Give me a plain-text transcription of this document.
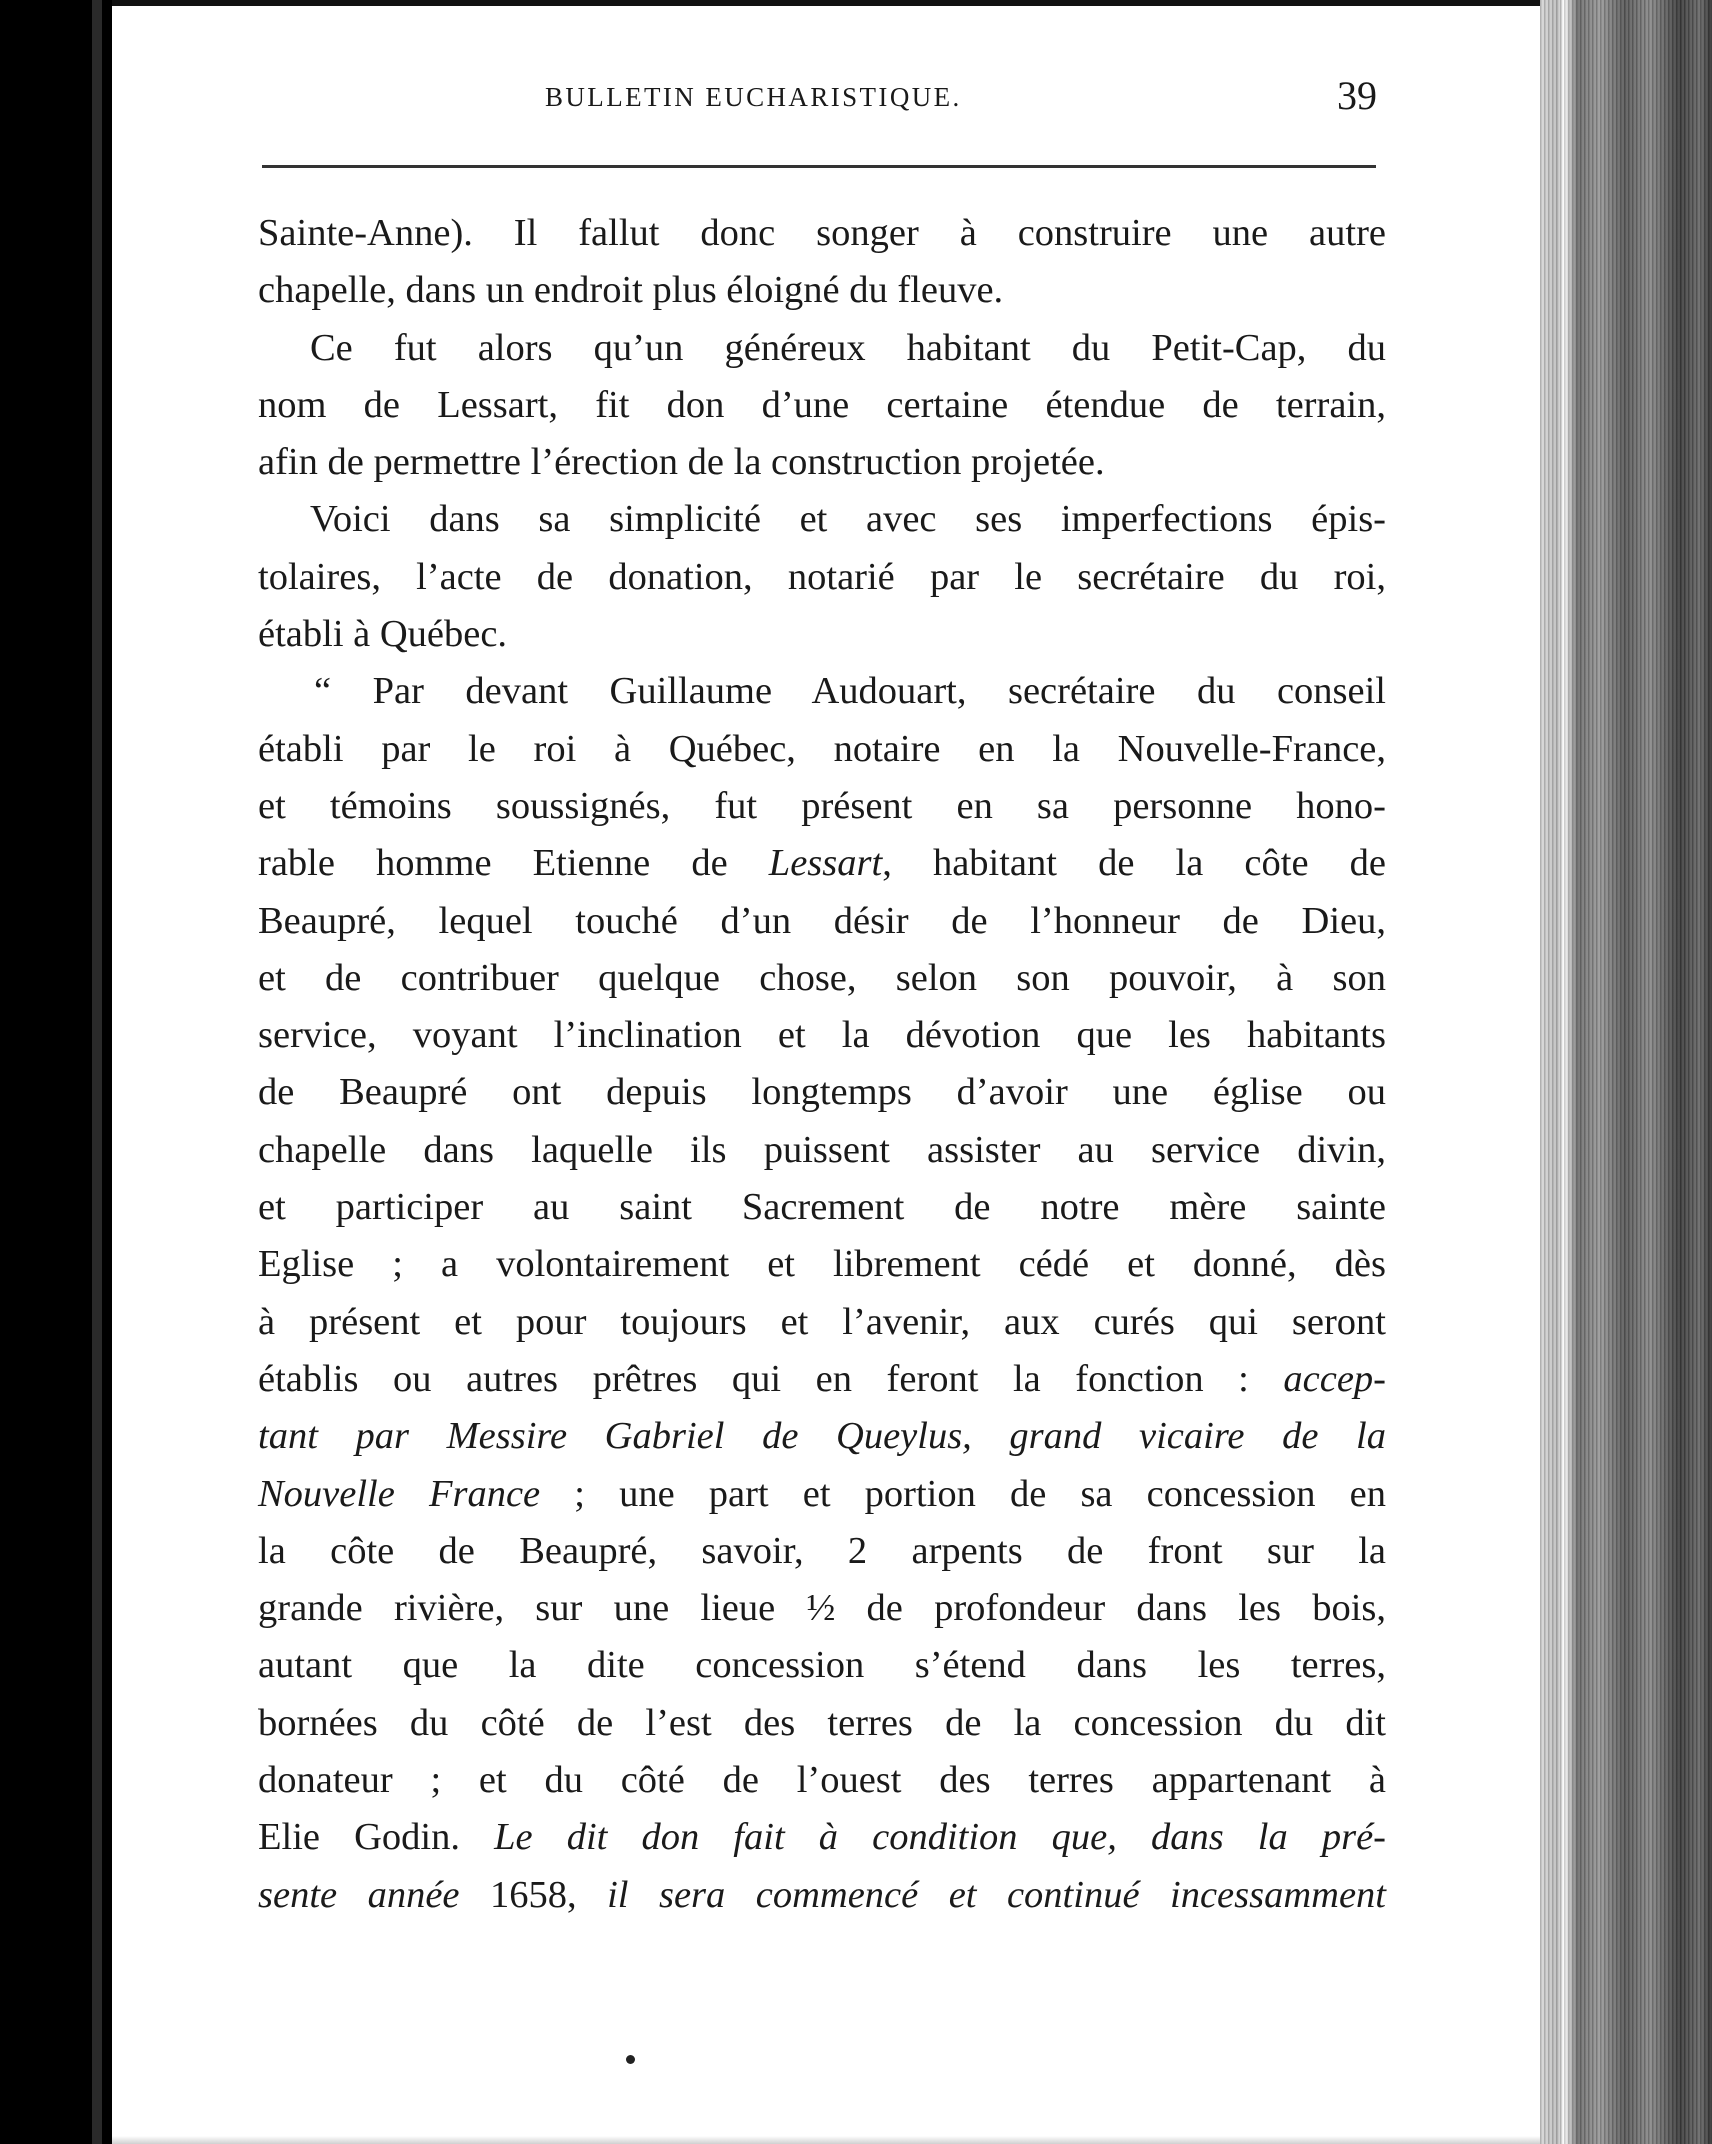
BULLETIN EUCHARISTIQUE.	39
Sainte-Anne). Il fallut donc songer à construire une autre
chapelle, dans un endroit plus éloigné du fleuve.
Ce fut alors qu’un généreux habitant du Petit-Cap, du
nom de Lessart, fit don d’une certaine étendue de terrain,
afin de permettre l’érection de la construction projetée.
Voici dans sa simplicité et avec ses imperfections épis-
tolaires, l’acte de donation, notarié par le secrétaire du roi,
établi à Québec.
“ Par devant Guillaume Audouart, secrétaire du conseil
établi par le roi à Québec, notaire en la Nouvelle-France,
et témoins soussignés, fut présent en sa personne hono-
rable homme Etienne de Lessart, habitant de la côte de
Beaupré, lequel touché d’un désir de l’honneur de Dieu,
et de contribuer quelque chose, selon son pouvoir, à son
service, voyant l’inclination et la dévotion que les habitants
de Beaupré ont depuis longtemps d’avoir une église ou
chapelle dans laquelle ils puissent assister au service divin,
et participer au saint Sacrement de notre mère sainte
Eglise ; a volontairement et librement cédé et donné, dès
à présent et pour toujours et l’avenir, aux curés qui seront
établis ou autres prêtres qui en feront la fonction : accep-
tant par Messire Gabriel de Queylus, grand vicaire de la
Nouvelle France ; une part et portion de sa concession en
la côte de Beaupré, savoir, 2 arpents de front sur la
grande rivière, sur une lieue ½ de profondeur dans les bois,
autant que la dite concession s’étend dans les terres,
bornées du côté de l’est des terres de la concession du dit
donateur ; et du côté de l’ouest des terres appartenant à
Elie Godin. Le dit don fait à condition que, dans la pré-
sente année 1658, il sera commencé et continué incessamment
